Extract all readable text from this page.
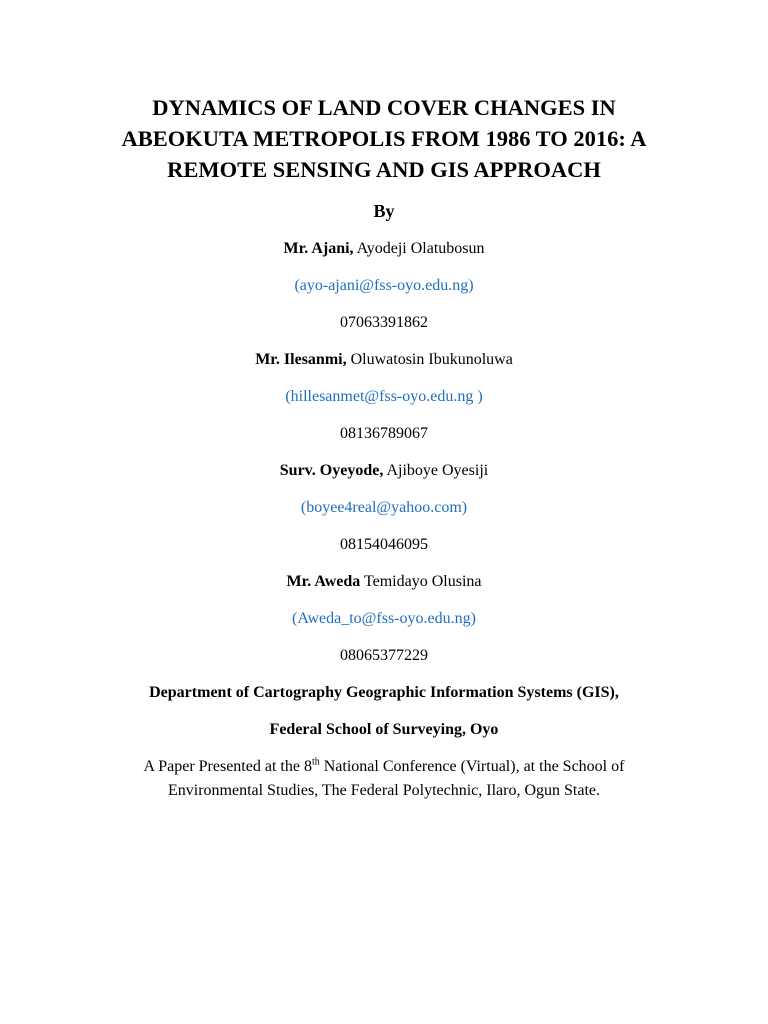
DYNAMICS OF LAND COVER CHANGES IN
ABEOKUTA METROPOLIS FROM 1986 TO 2016: A
REMOTE SENSING AND GIS APPROACH
By
Mr. Ajani, Ayodeji Olatubosun
(ayo-ajani@fss-oyo.edu.ng)
07063391862
Mr. Ilesanmi, Oluwatosin Ibukunoluwa
(hillesanmet@fss-oyo.edu.ng )
08136789067
Surv. Oyeyode, Ajiboye Oyesiji
(boyee4real@yahoo.com)
08154046095
Mr. Aweda Temidayo Olusina
(Aweda_to@fss-oyo.edu.ng)
08065377229
Department of Cartography Geographic Information Systems (GIS),
Federal School of Surveying, Oyo
A Paper Presented at the 8th National Conference (Virtual), at the School of
Environmental Studies, The Federal Polytechnic, Ilaro, Ogun State.
